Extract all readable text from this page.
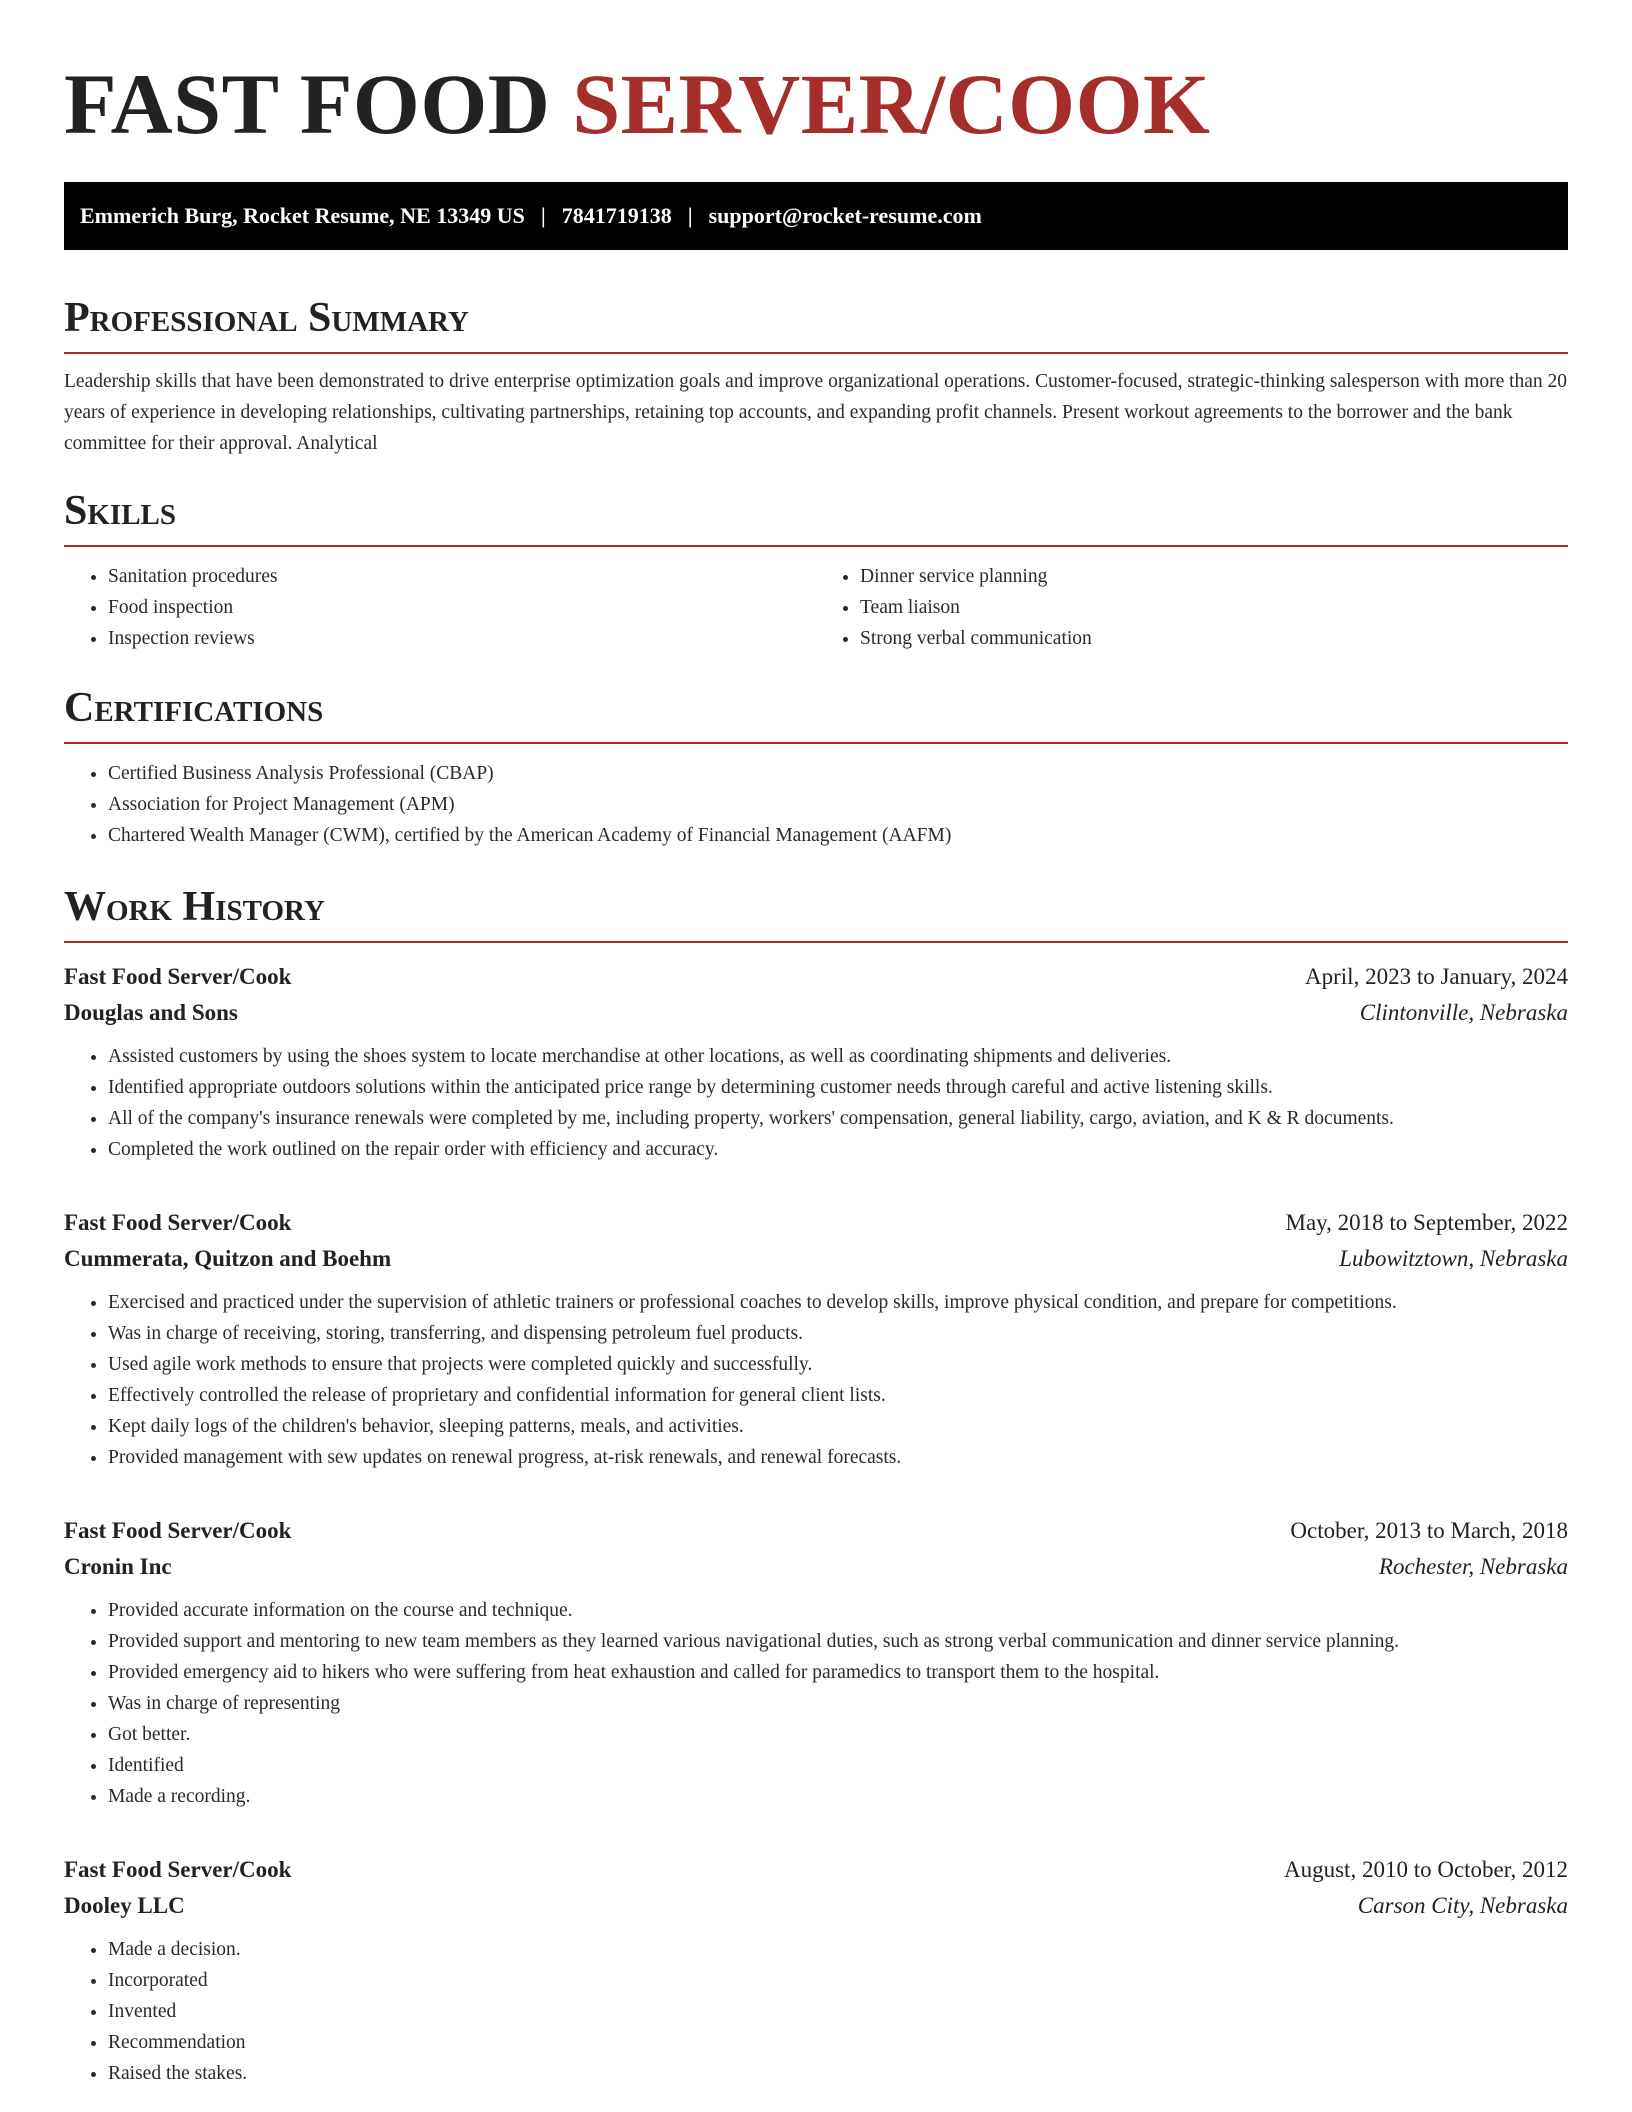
FAST FOOD SERVER/COOK
Emmerich Burg, Rocket Resume, NE 13349 US | 7841719138 | support@rocket-resume.com
Professional Summary

Leadership skills that have been demonstrated to drive enterprise optimization goals and improve organizational operations. Customer-focused, strategic-thinking salesperson with more than 20 years of experience in developing relationships, cultivating partnerships, retaining top accounts, and expanding profit channels. Present workout agreements to the borrower and the bank committee for their approval. Analytical

Skills
• Sanitation procedures
• Food inspection
• Inspection reviews
• Dinner service planning
• Team liaison
• Strong verbal communication
Certifications
• Certified Business Analysis Professional (CBAP)
• Association for Project Management (APM)
• Chartered Wealth Manager (CWM), certified by the American Academy of Financial Management (AAFM)
Work History
Fast Food Server/Cook	April, 2023 to January, 2024
Douglas and Sons	Clintonville, Nebraska
• Assisted customers by using the shoes system to locate merchandise at other locations, as well as coordinating shipments and deliveries.
• Identified appropriate outdoors solutions within the anticipated price range by determining customer needs through careful and active listening skills.
• All of the company's insurance renewals were completed by me, including property, workers' compensation, general liability, cargo, aviation, and K & R documents.
• Completed the work outlined on the repair order with efficiency and accuracy.
Fast Food Server/Cook	May, 2018 to September, 2022
Cummerata, Quitzon and Boehm	Lubowitztown, Nebraska
• Exercised and practiced under the supervision of athletic trainers or professional coaches to develop skills, improve physical condition, and prepare for competitions.
• Was in charge of receiving, storing, transferring, and dispensing petroleum fuel products.
• Used agile work methods to ensure that projects were completed quickly and successfully.
• Effectively controlled the release of proprietary and confidential information for general client lists.
• Kept daily logs of the children's behavior, sleeping patterns, meals, and activities.
• Provided management with sew updates on renewal progress, at-risk renewals, and renewal forecasts.
Fast Food Server/Cook	October, 2013 to March, 2018
Cronin Inc	Rochester, Nebraska
• Provided accurate information on the course and technique.
• Provided support and mentoring to new team members as they learned various navigational duties, such as strong verbal communication and dinner service planning.
• Provided emergency aid to hikers who were suffering from heat exhaustion and called for paramedics to transport them to the hospital.
• Was in charge of representing
• Got better.
• Identified
• Made a recording.
Fast Food Server/Cook	August, 2010 to October, 2012
Dooley LLC	Carson City, Nebraska
• Made a decision.
• Incorporated
• Invented
• Recommendation
• Raised the stakes.
